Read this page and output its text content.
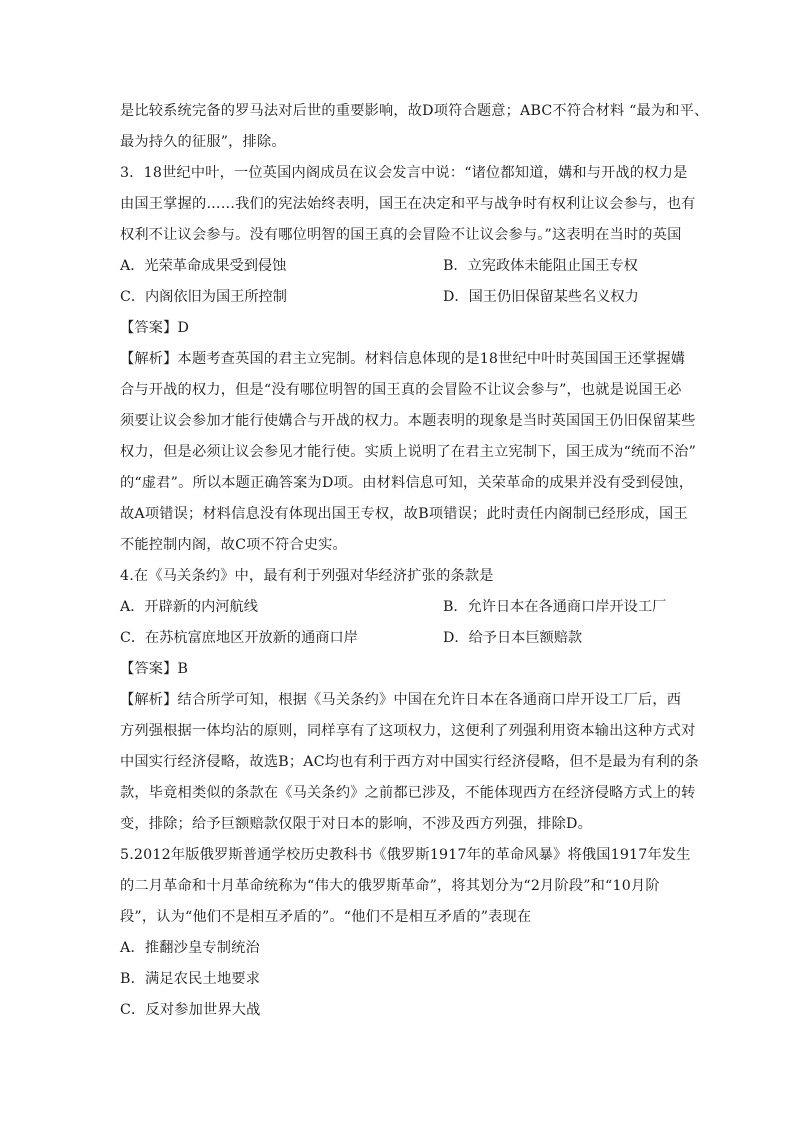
是比较系统完备的罗马法对后世的重要影响，故D项符合题意；ABC不符合材料 “最为和平、
最为持久的征服”，排除。
3．18世纪中叶，一位英国内阁成员在议会发言中说：“诸位都知道，媾和与开战的权力是
由国王掌握的……我们的宪法始终表明，国王在决定和平与战争时有权利让议会参与，也有
权利不让议会参与。没有哪位明智的国王真的会冒险不让议会参与。”这表明在当时的英国
A．光荣革命成果受到侵蚀	B．立宪政体未能阻止国王专权
C．内阁依旧为国王所控制	D．国王仍旧保留某些名义权力
【答案】D
【解析】本题考查英国的君主立宪制。材料信息体现的是18世纪中叶时英国国王还掌握媾
合与开战的权力，但是“没有哪位明智的国王真的会冒险不让议会参与”，也就是说国王必
须要让议会参加才能行使媾合与开战的权力。本题表明的现象是当时英国国王仍旧保留某些
权力，但是必须让议会参见才能行使。实质上说明了在君主立宪制下，国王成为“统而不治”
的“虚君”。所以本题正确答案为D项。由材料信息可知，关荣革命的成果并没有受到侵蚀，
故A项错误；材料信息没有体现出国王专权，故B项错误；此时责任内阁制已经形成，国王
不能控制内阁，故C项不符合史实。
4.在《马关条约》中，最有利于列强对华经济扩张的条款是
A．开辟新的内河航线	B．允许日本在各通商口岸开设工厂
C．在苏杭富庶地区开放新的通商口岸	D．给予日本巨额赔款
【答案】B
【解析】结合所学可知，根据《马关条约》中国在允许日本在各通商口岸开设工厂后，西
方列强根据一体均沾的原则，同样享有了这项权力，这便利了列强利用资本输出这种方式对
中国实行经济侵略，故选B；AC均也有利于西方对中国实行经济侵略，但不是最为有利的条
款，毕竟相类似的条款在《马关条约》之前都已涉及，不能体现西方在经济侵略方式上的转
变，排除；给予巨额赔款仅限于对日本的影响，不涉及西方列强，排除D。
5.2012年版俄罗斯普通学校历史教科书《俄罗斯1917年的革命风暴》将俄国1917年发生
的二月革命和十月革命统称为“伟大的俄罗斯革命”，将其划分为“2月阶段”和“10月阶
段”，认为“他们不是相互矛盾的”。“他们不是相互矛盾的”表现在
A．推翻沙皇专制统治
B．满足农民土地要求
C．反对参加世界大战
